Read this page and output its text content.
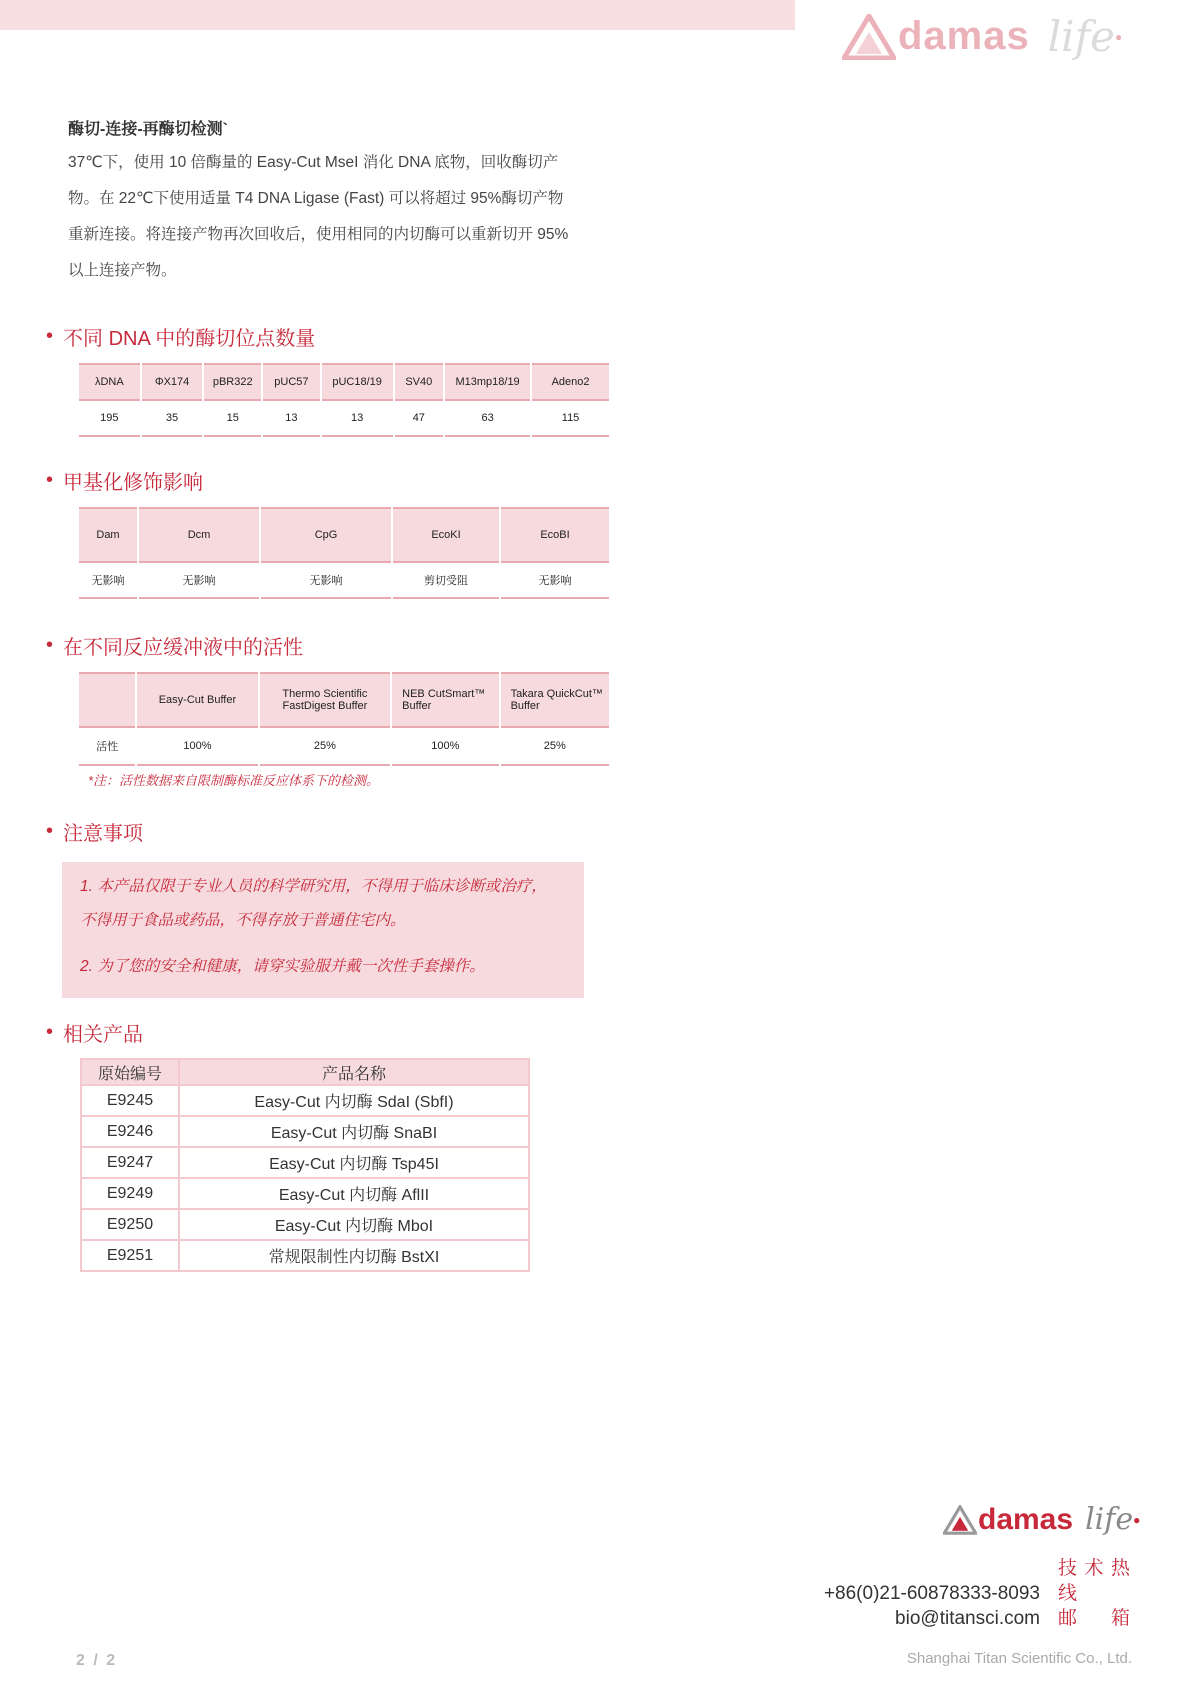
damas life ●
酶切-连接-再酶切检测`
37℃下，使用 10 倍酶量的 Easy-Cut MseI 消化 DNA 底物，回收酶切产
物。在 22℃下使用适量 T4 DNA Ligase (Fast) 可以将超过 95%酶切产物
重新连接。将连接产物再次回收后，使用相同的内切酶可以重新切开 95%
以上连接产物。
• 不同 DNA 中的酶切位点数量
λDNA	ΦX174	pBR322	pUC57	pUC18/19	SV40	M13mp18/19	Adeno2
195	35	15	13	13	47	63	115
• 甲基化修饰影响
Dam	Dcm	CpG	EcoKI	EcoBI
无影响	无影响	无影响	剪切受阻	无影响
• 在不同反应缓冲液中的活性
	Easy-Cut Buffer	Thermo Scientific FastDigest Buffer	NEB CutSmart™ Buffer	Takara QuickCut™ Buffer
活性	100%	25%	100%	25%
*注：活性数据来自限制酶标准反应体系下的检测。
• 注意事项

1. 本产品仅限于专业人员的科学研究用，不得用于临床诊断或治疗，

不得用于食品或药品，不得存放于普通住宅内。

2. 为了您的安全和健康，请穿实验服并戴一次性手套操作。

• 相关产品
原始编号	产品名称
E9245	Easy-Cut 内切酶 SdaI (SbfI)
E9246	Easy-Cut 内切酶 SnaBI
E9247	Easy-Cut 内切酶 Tsp45I
E9249	Easy-Cut 内切酶 AflII
E9250	Easy-Cut 内切酶 MboI
E9251	常规限制性内切酶 BstXI
damas life ●
+86(0)21-60878333-8093技术热线
bio@titansci.com 邮箱
2 / 2	Shanghai Titan Scientific Co., Ltd.
